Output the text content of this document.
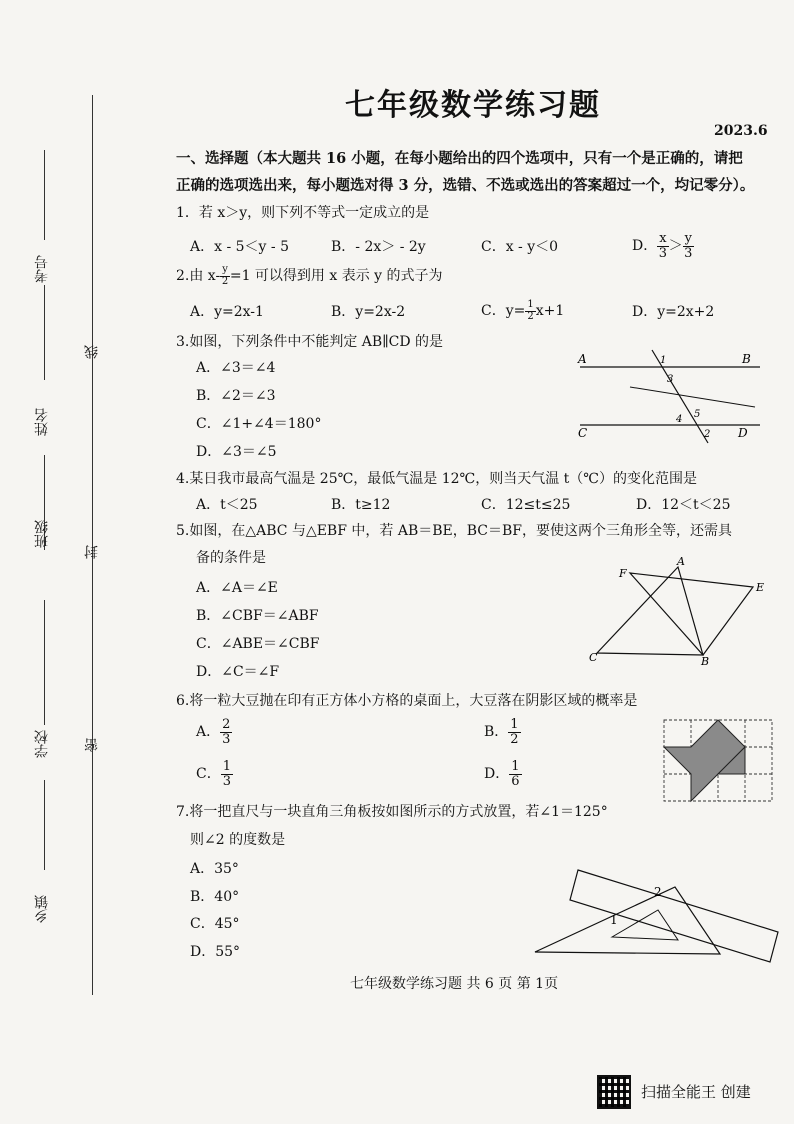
考号
姓名
班级
学校
乡镇
线
封
密
七年级数学练习题
2023.6
一、选择题（本大题共 16 小题，在每小题给出的四个选项中，只有一个是正确的，请把
正确的选项选出来，每小题选对得 3 分，选错、不选或选出的答案超过一个，均记零分）。
1．若 x＞y，则下列不等式一定成立的是
A．x - 5＜y - 5	B．- 2x＞ - 2y	C．x - y＜0	D． $\frac{x}{3} > \frac{y}{3}$
2.由 $x- \frac{y}{2} =1$ 可以得到用 x 表示 y 的式子为
A．y=2x-1	B．y=2x-2	C．$y= \frac{1}{2} x+1$	D．y=2x+2
3.如图，下列条件中不能判定 AB∥CD 的是
A．∠3＝∠4
B．∠2＝∠3
C．∠1+∠4＝180°
D．∠3＝∠5
A	B
C	D
1
2
3
4 5
4.某日我市最高气温是 25℃，最低气温是 12℃，则当天气温 t（℃）的变化范围是
A．t＜25	B．t≥12	C．12≤t≤25	D．12＜t＜25
5.如图，在△ABC 与△EBF 中，若 AB＝BE，BC＝BF，要使这两个三角形全等，还需具
备的条件是
A．∠A＝∠E
B．∠CBF＝∠ABF
C．∠ABE＝∠CBF
D．∠C＝∠F
F
A
E
C	B
6.将一粒大豆抛在印有正方体小方格的桌面上，大豆落在阴影区域的概率是
A． $\frac{2}{3}$	B． $\frac{1}{2}$
C． $\frac{1}{3}$	D． $\frac{1}{6}$
7.将一把直尺与一块直角三角板按如图所示的方式放置，若∠1＝125°
则∠2 的度数是
A．35°
B．40°
C．45°
D．55°
1
2
七年级数学练习题 共 6 页 第 1页
扫描全能王 创建
